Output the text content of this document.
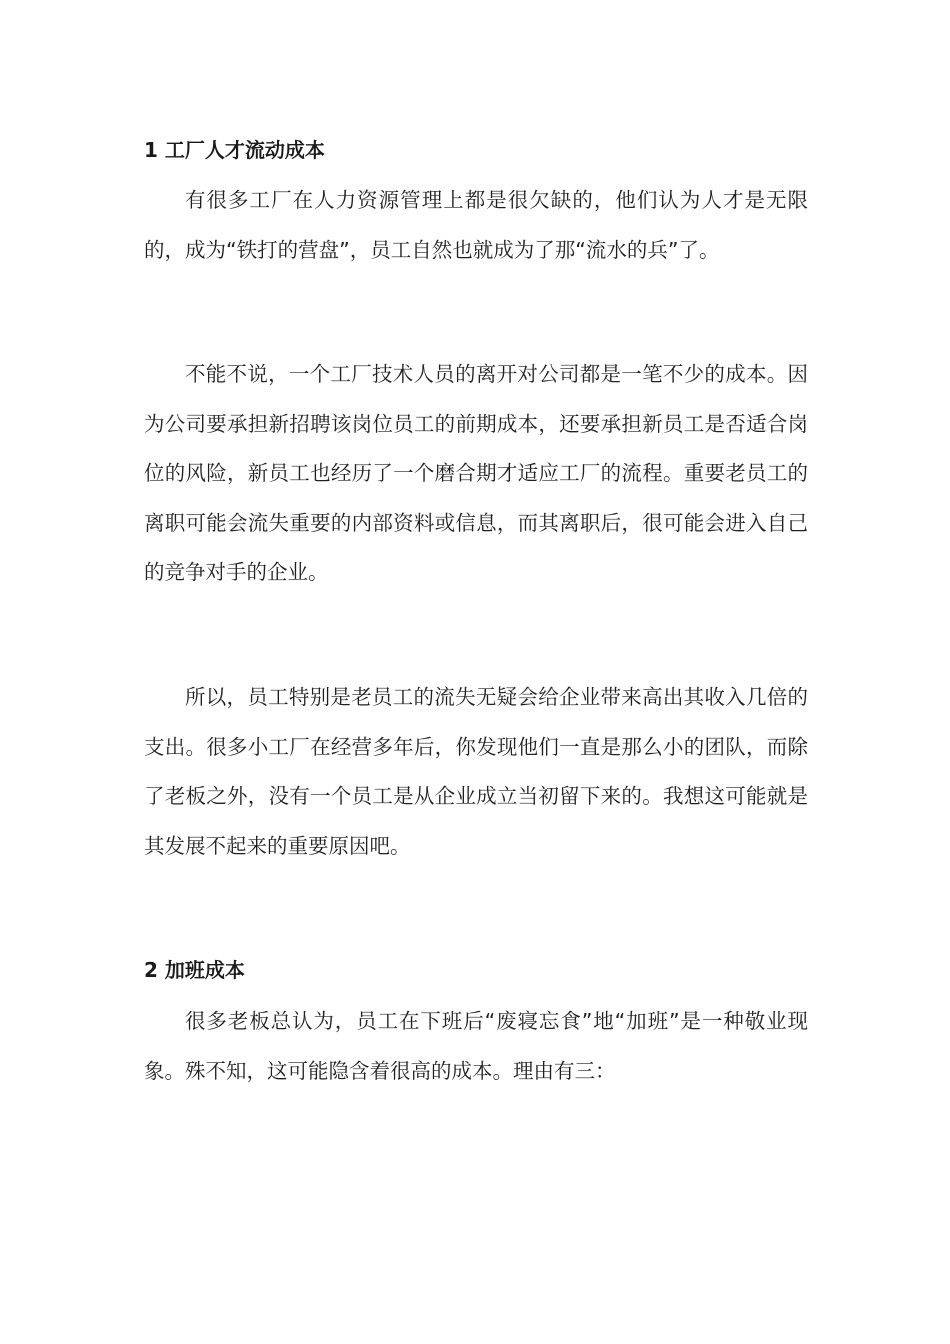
1 工厂人才流动成本

有很多工厂在人力资源管理上都是很欠缺的，他们认为人才是无限的，成为“铁打的营盘”，员工自然也就成为了那“流水的兵”了。

不能不说，一个工厂技术人员的离开对公司都是一笔不少的成本。因为公司要承担新招聘该岗位员工的前期成本，还要承担新员工是否适合岗位的风险，新员工也经历了一个磨合期才适应工厂的流程。重要老员工的离职可能会流失重要的内部资料或信息，而其离职后，很可能会进入自己的竞争对手的企业。

所以，员工特别是老员工的流失无疑会给企业带来高出其收入几倍的支出。很多小工厂在经营多年后，你发现他们一直是那么小的团队，而除了老板之外，没有一个员工是从企业成立当初留下来的。我想这可能就是其发展不起来的重要原因吧。

2 加班成本

很多老板总认为，员工在下班后“废寝忘食”地“加班”是一种敬业现象。殊不知，这可能隐含着很高的成本。理由有三：
